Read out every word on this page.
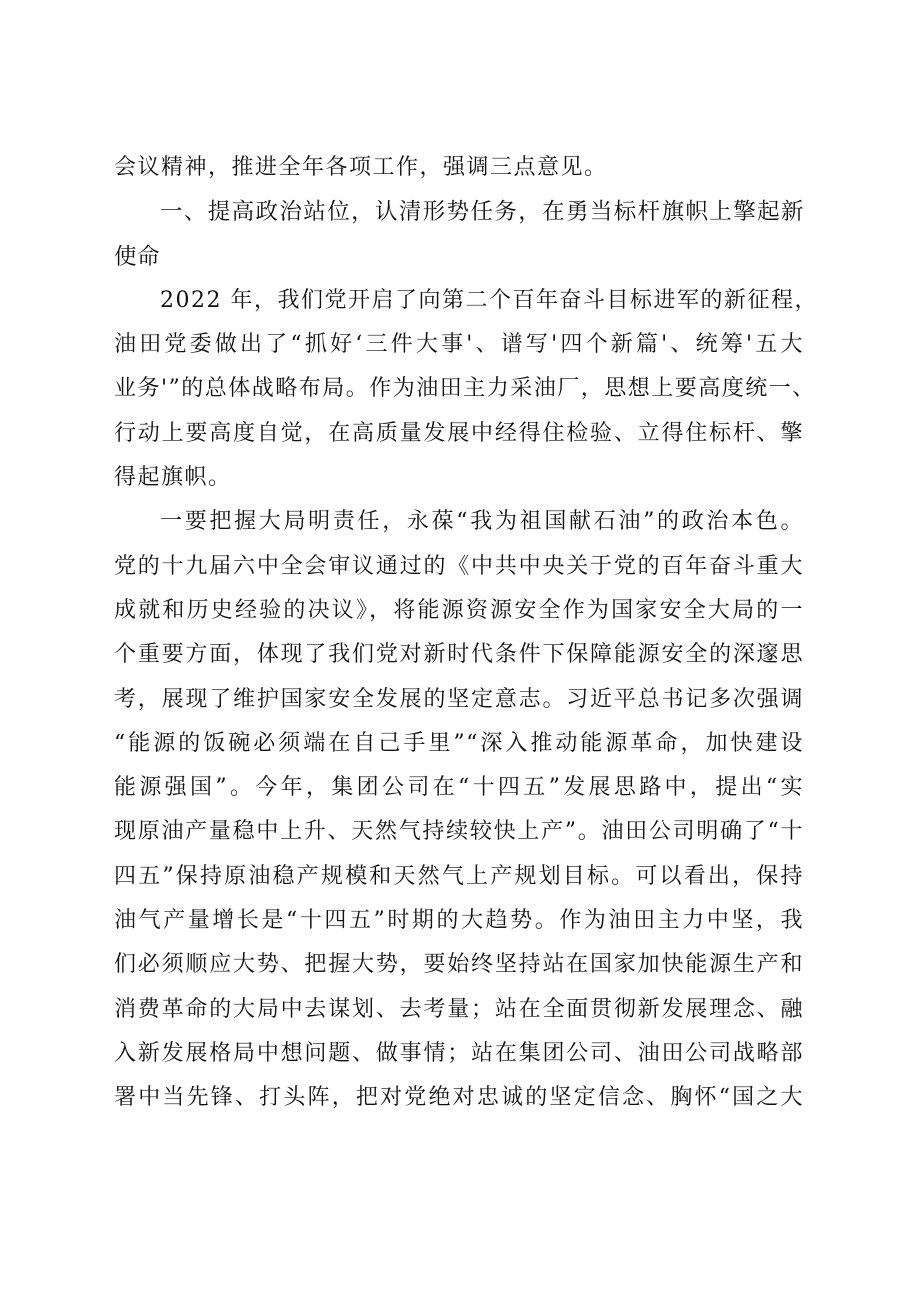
会议精神，推进全年各项工作，强调三点意见。
一、提高政治站位，认清形势任务，在勇当标杆旗帜上擎起新
使命
2022 年，我们党开启了向第二个百年奋斗目标进军的新征程，
油田党委做出了“抓好‘三件大事'、谱写'四个新篇'、统筹'五大
业务'”的总体战略布局。作为油田主力采油厂，思想上要高度统一、
行动上要高度自觉，在高质量发展中经得住检验、立得住标杆、擎
得起旗帜。
一要把握大局明责任，永葆“我为祖国献石油”的政治本色。
党的十九届六中全会审议通过的《中共中央关于党的百年奋斗重大
成就和历史经验的决议》，将能源资源安全作为国家安全大局的一
个重要方面，体现了我们党对新时代条件下保障能源安全的深邃思
考，展现了维护国家安全发展的坚定意志。习近平总书记多次强调
“能源的饭碗必须端在自己手里”“深入推动能源革命，加快建设
能源强国”。今年，集团公司在“十四五”发展思路中，提出“实
现原油产量稳中上升、天然气持续较快上产”。油田公司明确了“十
四五”保持原油稳产规模和天然气上产规划目标。可以看出，保持
油气产量增长是“十四五”时期的大趋势。作为油田主力中坚，我
们必须顺应大势、把握大势，要始终坚持站在国家加快能源生产和
消费革命的大局中去谋划、去考量；站在全面贯彻新发展理念、融
入新发展格局中想问题、做事情；站在集团公司、油田公司战略部
署中当先锋、打头阵，把对党绝对忠诚的坚定信念、胸怀“国之大
